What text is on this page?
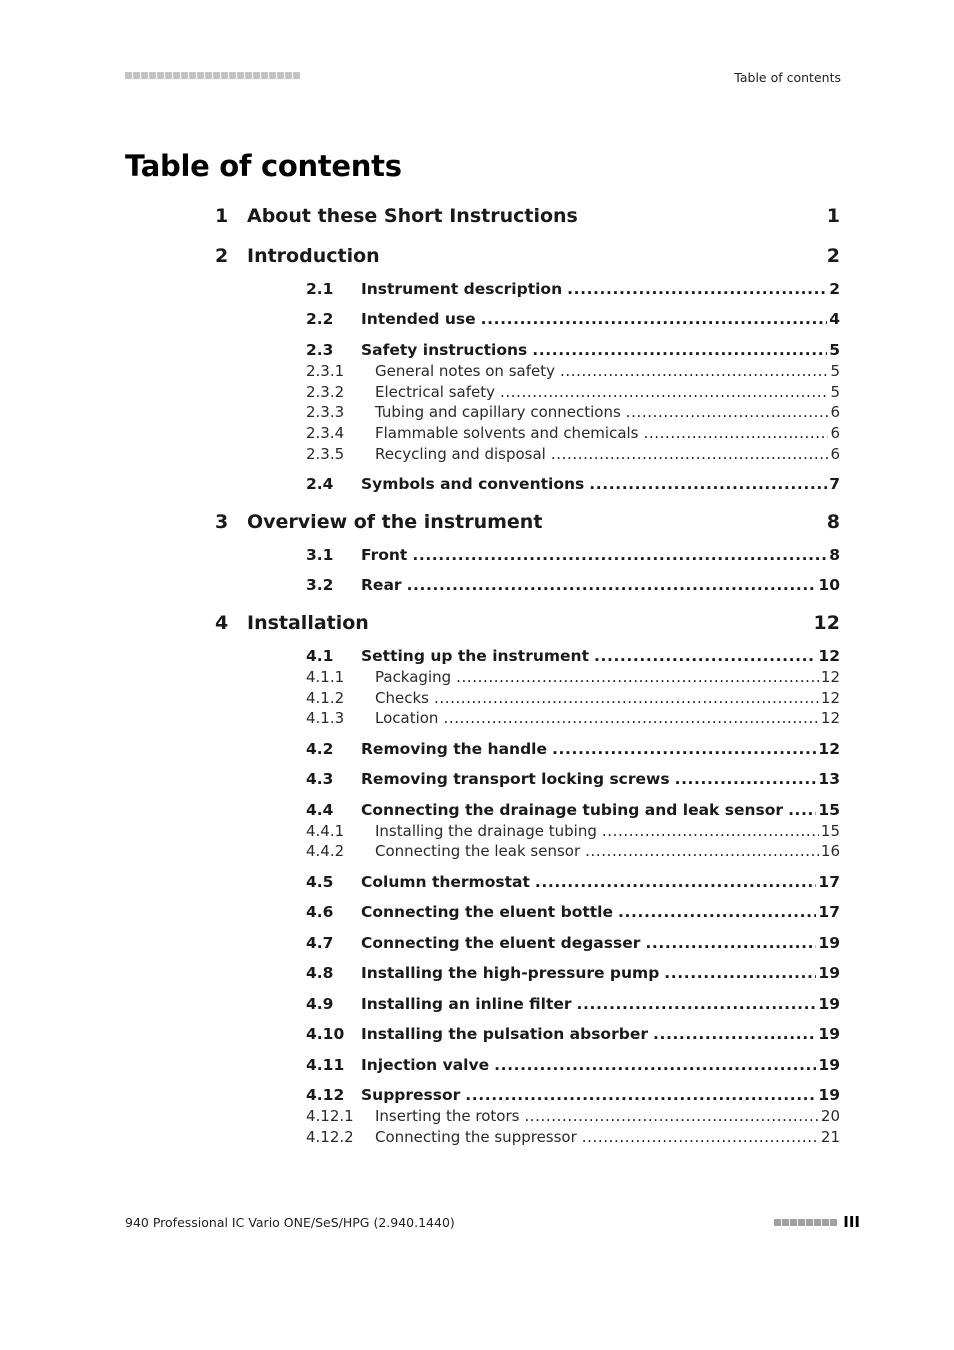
Table of contents
Table of contents
1 About these Short Instructions	1
2 Introduction	2
2.1 Instrument description .....	2
2.2 Intended use .....	4
2.3 Safety instructions .....	5
2.3.1 General notes on safety .....	5
2.3.2 Electrical safety .....	5
2.3.3 Tubing and capillary connections .....	6
2.3.4 Flammable solvents and chemicals .....	6
2.3.5 Recycling and disposal .....	6
2.4 Symbols and conventions .....	7
3 Overview of the instrument	8
3.1 Front .....	8
3.2 Rear .....	10
4 Installation	12
4.1 Setting up the instrument .....	12
4.1.1 Packaging .....	12
4.1.2 Checks .....	12
4.1.3 Location .....	12
4.2 Removing the handle .....	12
4.3 Removing transport locking screws .....	13
4.4 Connecting the drainage tubing and leak sensor .....	15
4.4.1 Installing the drainage tubing .....	15
4.4.2 Connecting the leak sensor .....	16
4.5 Column thermostat .....	17
4.6 Connecting the eluent bottle .....	17
4.7 Connecting the eluent degasser .....	19
4.8 Installing the high-pressure pump .....	19
4.9 Installing an inline filter .....	19
4.10 Installing the pulsation absorber .....	19
4.11 Injection valve .....	19
4.12 Suppressor .....	19
4.12.1 Inserting the rotors .....	20
4.12.2 Connecting the suppressor .....	21
940 Professional IC Vario ONE/SeS/HPG (2.940.1440)	III
